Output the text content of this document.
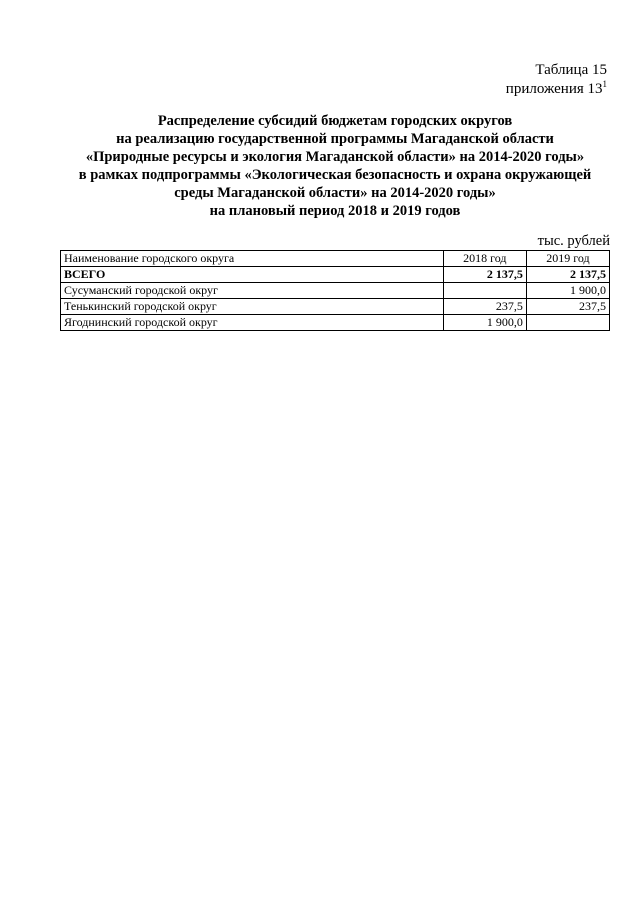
Таблица 15
приложения $13^1$
Распределение субсидий бюджетам городских округов
на реализацию государственной программы Магаданской области
«Природные ресурсы и экология Магаданской области» на 2014-2020 годы»
в рамках подпрограммы «Экологическая безопасность и охрана окружающей
среды Магаданской области» на 2014-2020 годы»
на плановый период 2018 и 2019 годов
тыс. рублей
Наименование городского округа	2018 год	2019 год
ВСЕГО	2 137,5	2 137,5
Сусуманский городской округ		1 900,0
Тенькинский городской округ	237,5	237,5
Ягоднинский городской округ	1 900,0	
